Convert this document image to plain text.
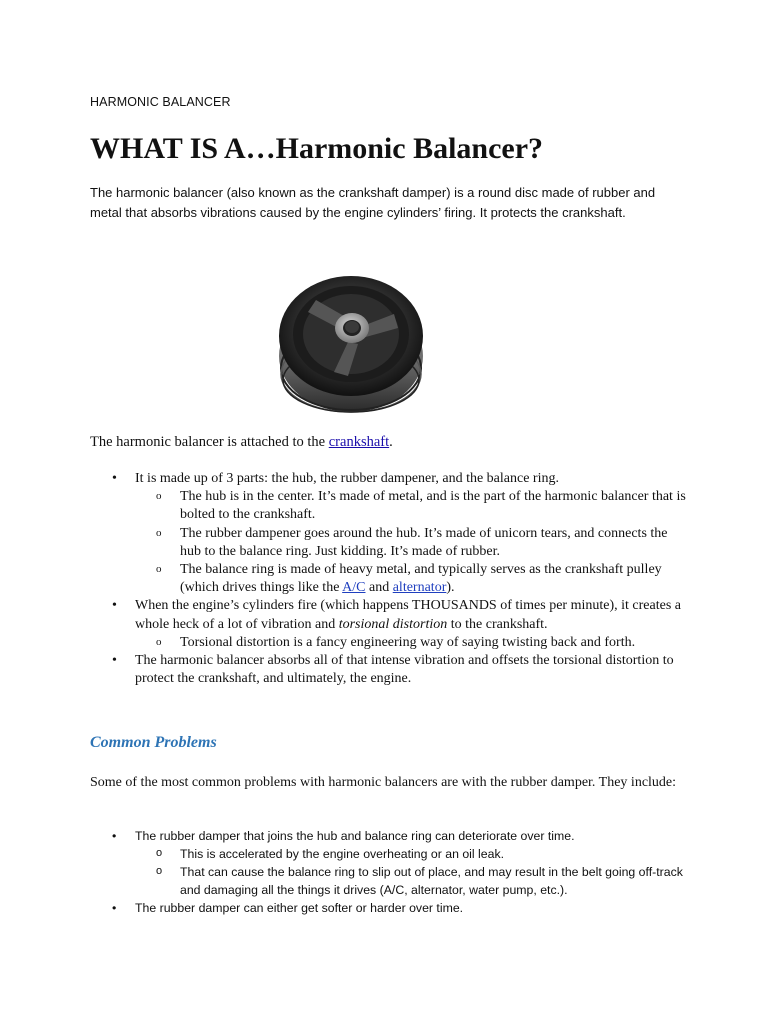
HARMONIC BALANCER
WHAT IS A…Harmonic Balancer?

The harmonic balancer (also known as the crankshaft damper) is a round disc made of rubber and metal that absorbs vibrations caused by the engine cylinders’ firing. It protects the crankshaft.

The harmonic balancer is attached to the crankshaft.

• It is made up of 3 parts: the hub, the rubber dampener, and the balance ring.
o The hub is in the center. It’s made of metal, and is the part of the harmonic balancer that is bolted to the crankshaft.
o The rubber dampener goes around the hub. It’s made of unicorn tears, and connects the hub to the balance ring. Just kidding. It’s made of rubber.
o The balance ring is made of heavy metal, and typically serves as the crankshaft pulley (which drives things like the A/C and alternator).
• When the engine’s cylinders fire (which happens THOUSANDS of times per minute), it creates a whole heck of a lot of vibration and torsional distortion to the crankshaft.
o Torsional distortion is a fancy engineering way of saying twisting back and forth.
• The harmonic balancer absorbs all of that intense vibration and offsets the torsional distortion to protect the crankshaft, and ultimately, the engine.
Common Problems

Some of the most common problems with harmonic balancers are with the rubber damper. They include:

• The rubber damper that joins the hub and balance ring can deteriorate over time.
o This is accelerated by the engine overheating or an oil leak.
o That can cause the balance ring to slip out of place, and may result in the belt going off-track and damaging all the things it drives (A/C, alternator, water pump, etc.).
• The rubber damper can either get softer or harder over time.
